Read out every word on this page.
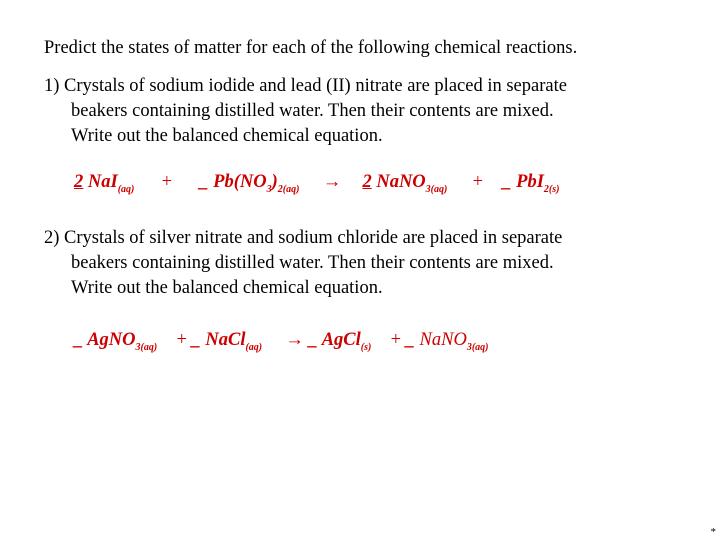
Predict the states of matter for each of the following chemical reactions.
1) Crystals of sodium iodide and lead (II) nitrate are placed in separate
beakers containing distilled water. Then their contents are mixed.
Write out the balanced chemical equation.
2 NaI$_{(aq)}$ + _ $Pb(NO_3)_{2(aq)} \to 2$ NaNO$_{3(aq)}$ + _ PbI$_{2(s)}$
2) Crystals of silver nitrate and sodium chloride are placed in separate
beakers containing distilled water. Then their contents are mixed.
Write out the balanced chemical equation.
_ AgNO$_{3(aq)}$ + _ NaCl$_{(aq)}$ → _ AgCl$_{(s)}$ + _ NaNO$_{3(aq)}$
*
